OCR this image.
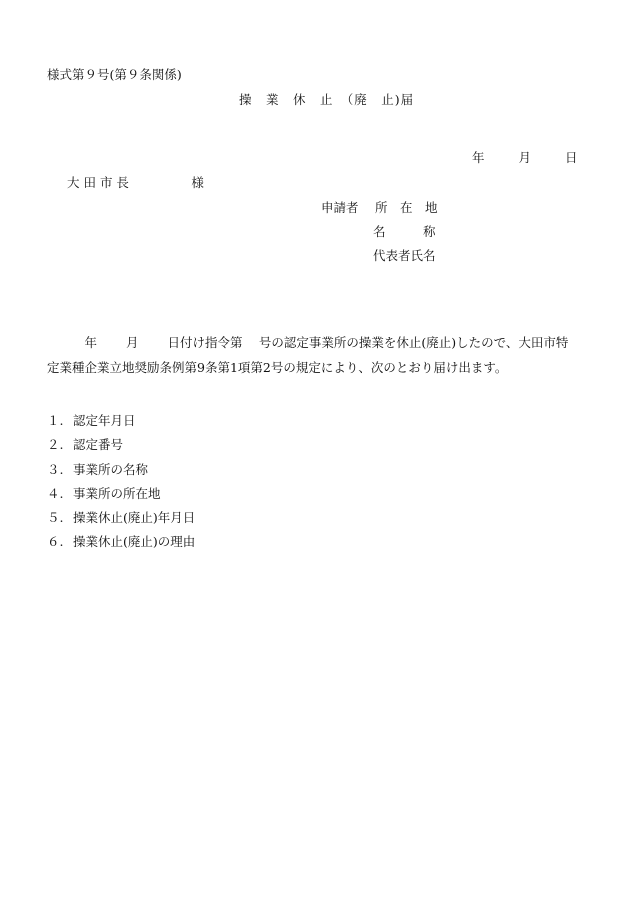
様式第９号(第９条関係)
操　業　休　止　（廃　止)届
年	月	日
大 田 市 長　　　　　様
申請者　 所　在　地
名　　　称
代表者氏名
　　　年　　 月　　 日付け指令第　 号の認定事業所の操業を休止(廃止)したので、大田市特
定業種企業立地奨励条例第9条第1項第2号の規定により、次のとおり届け出ます。
１. 認定年月日
２. 認定番号
３. 事業所の名称
４. 事業所の所在地
５. 操業休止(廃止)年月日
６. 操業休止(廃止)の理由
